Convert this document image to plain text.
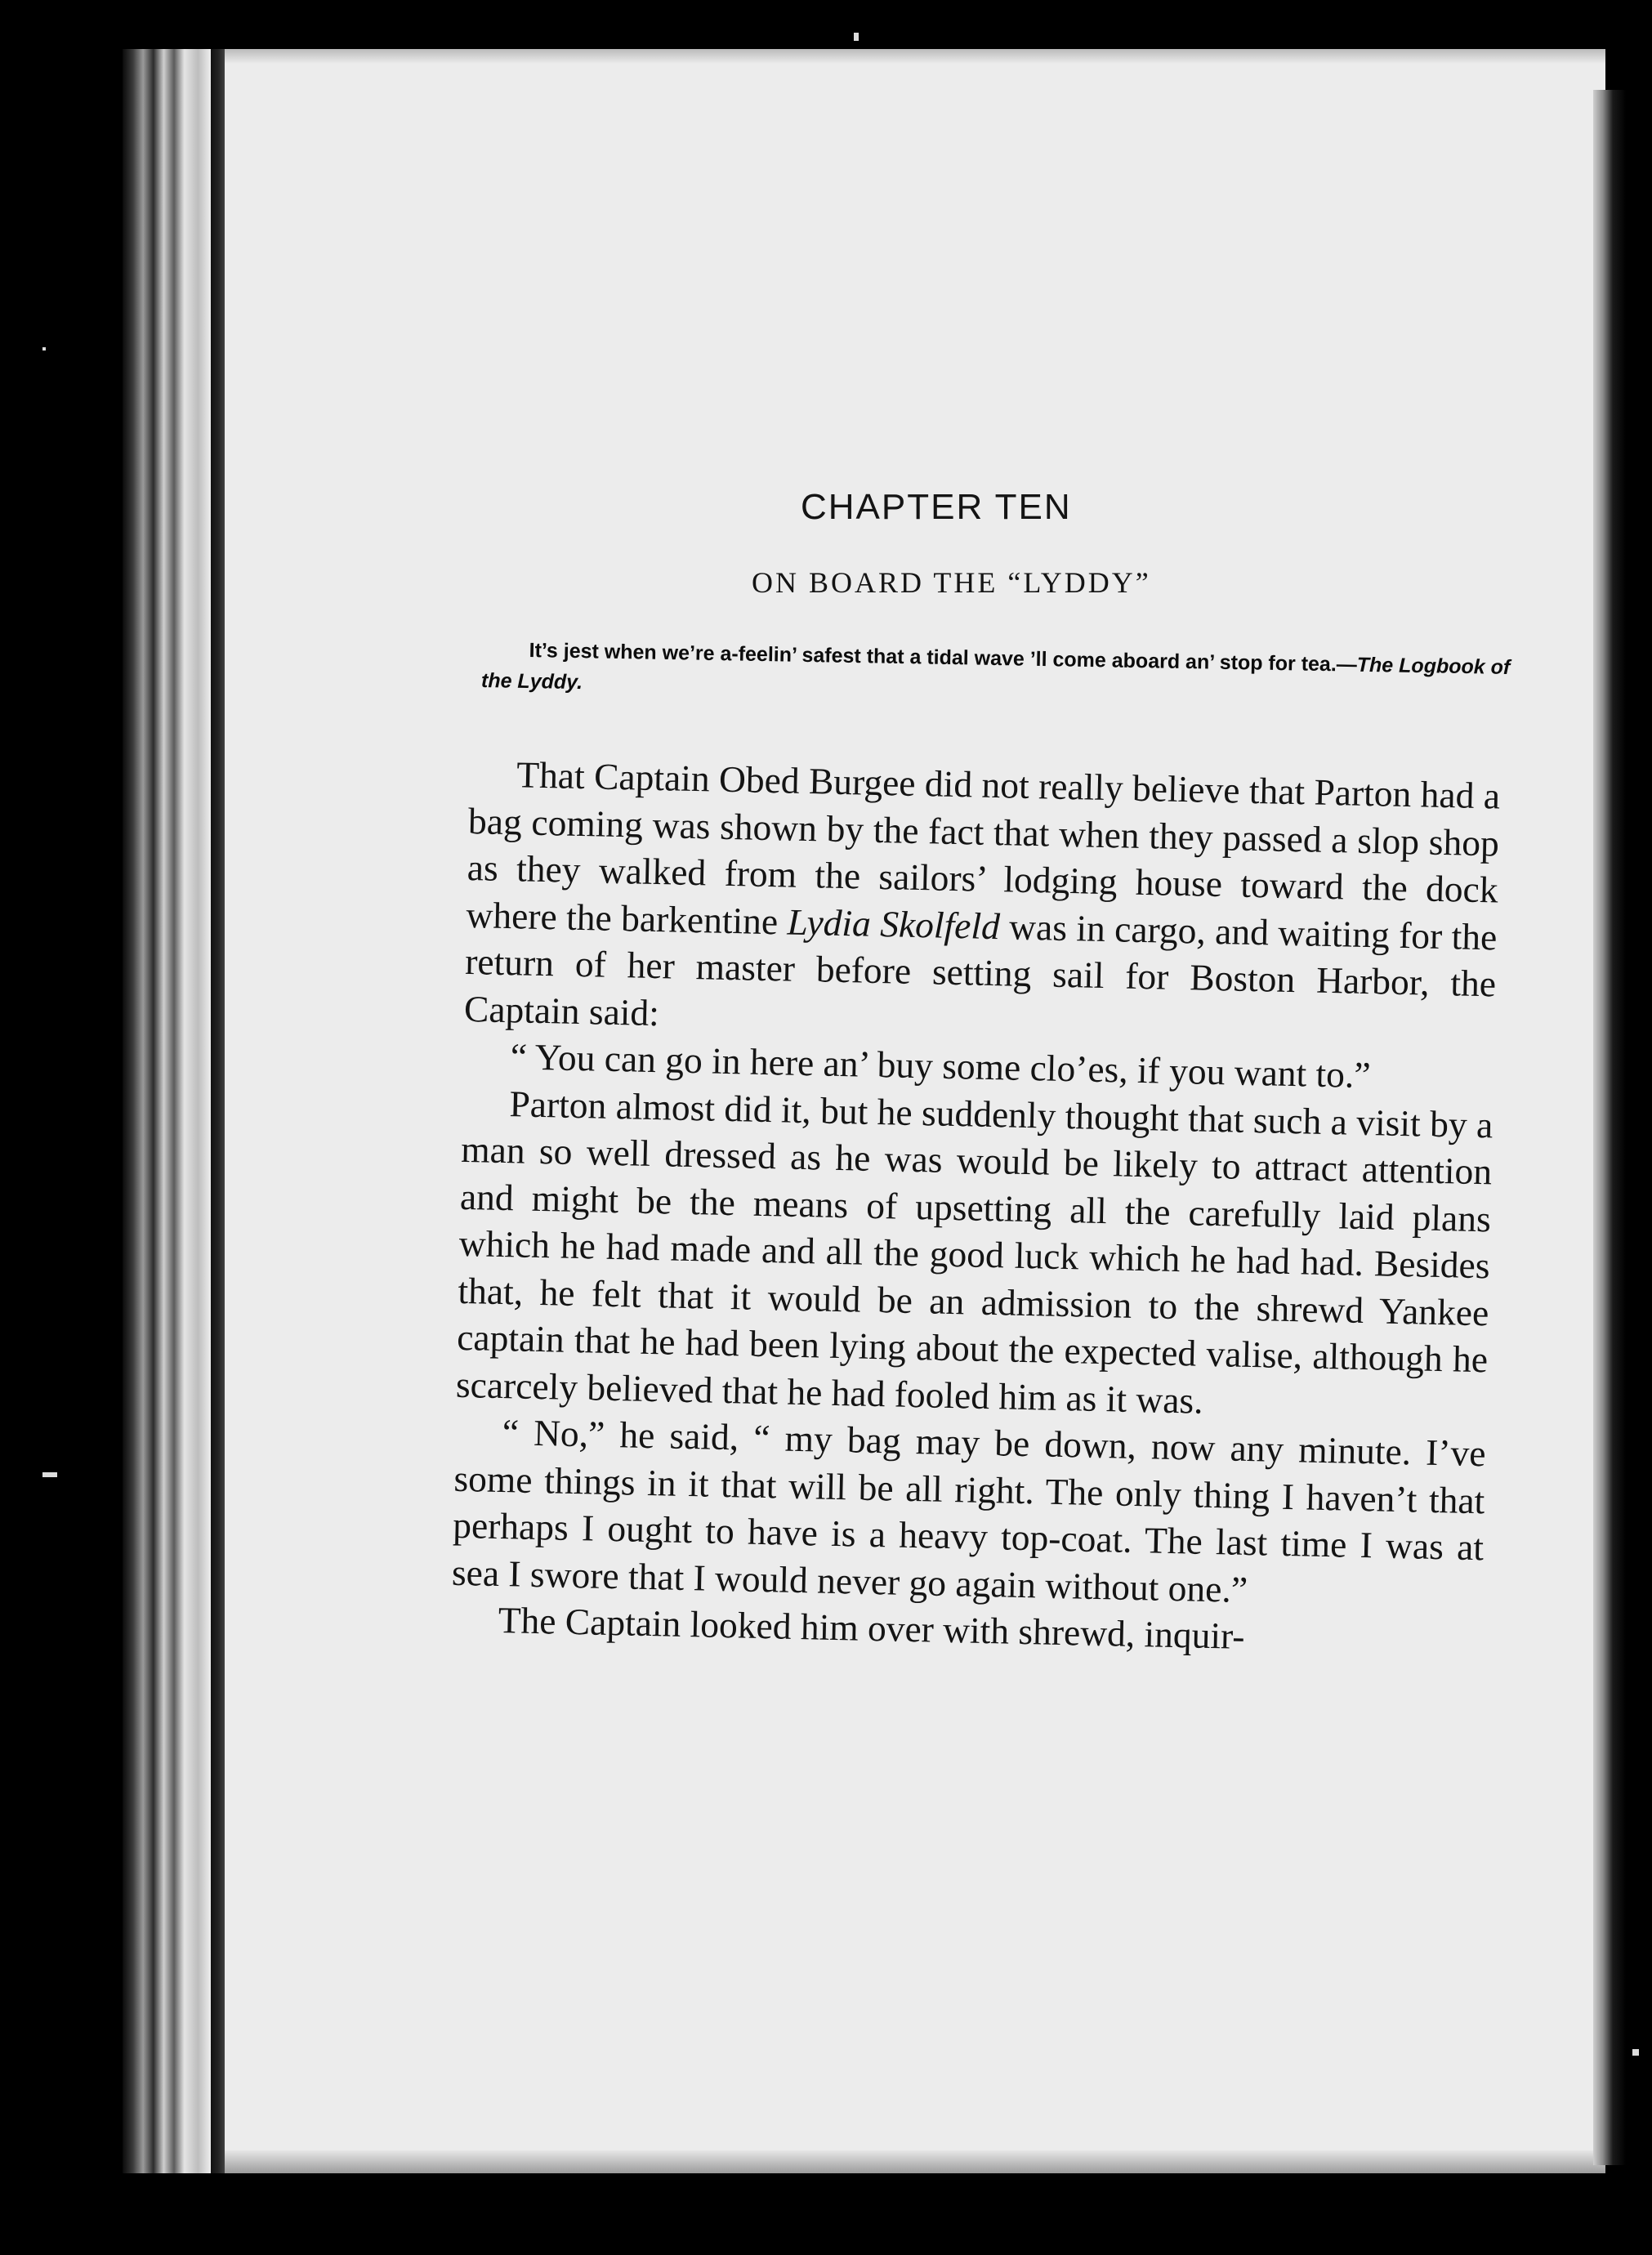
CHAPTER TEN
ON BOARD THE “LYDDY”

It’s jest when we’re a-feelin’ safest that a tidal wave ’ll come aboard an’ stop for tea.—The Logbook of the Lyddy.

That Captain Obed Burgee did not really believe that Parton had a bag coming was shown by the fact that when they passed a slop shop as they walked from the sailors’ lodging house toward the dock where the barkentine Lydia Skolfeld was in cargo, and waiting for the return of her master before setting sail for Boston Harbor, the Captain said:

“ You can go in here an’ buy some clo’es, if you want to.”

Parton almost did it, but he suddenly thought that such a visit by a man so well dressed as he was would be likely to attract attention and might be the means of upsetting all the carefully laid plans which he had made and all the good luck which he had had. Besides that, he felt that it would be an admission to the shrewd Yankee captain that he had been lying about the expected valise, although he scarcely believed that he had fooled him as it was.

“ No,” he said, “ my bag may be down, now any minute. I’ve some things in it that will be all right. The only thing I haven’t that perhaps I ought to have is a heavy top-coat. The last time I was at sea I swore that I would never go again without one.”

The Captain looked him over with shrewd, inquir-
